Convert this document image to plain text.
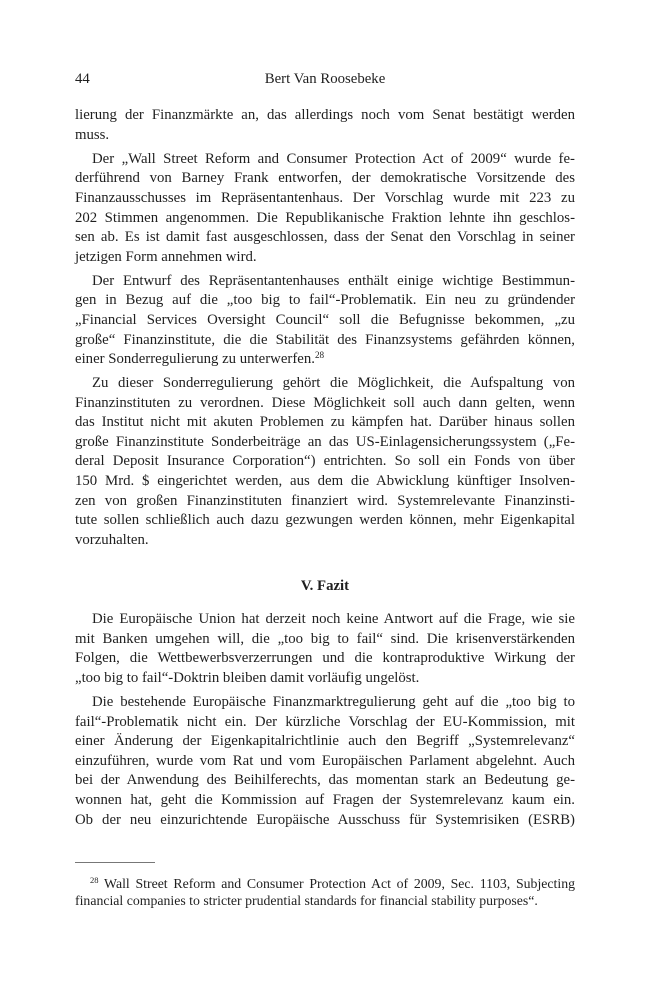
44	Bert Van Roosebeke
lierung der Finanzmärkte an, das allerdings noch vom Senat bestätigt werden
muss.
Der „Wall Street Reform and Consumer Protection Act of 2009“ wurde fe-
derführend von Barney Frank entworfen, der demokratische Vorsitzende des
Finanzausschusses im Repräsentantenhaus. Der Vorschlag wurde mit 223 zu
202 Stimmen angenommen. Die Republikanische Fraktion lehnte ihn geschlos-
sen ab. Es ist damit fast ausgeschlossen, dass der Senat den Vorschlag in seiner
jetzigen Form annehmen wird.
Der Entwurf des Repräsentantenhauses enthält einige wichtige Bestimmun-
gen in Bezug auf die „too big to fail“-Problematik. Ein neu zu gründender
„Financial Services Oversight Council“ soll die Befugnisse bekommen, „zu
große“ Finanzinstitute, die die Stabilität des Finanzsystems gefährden können,
einer Sonderregulierung zu unterwerfen.$^{28}$
Zu dieser Sonderregulierung gehört die Möglichkeit, die Aufspaltung von
Finanzinstituten zu verordnen. Diese Möglichkeit soll auch dann gelten, wenn
das Institut nicht mit akuten Problemen zu kämpfen hat. Darüber hinaus sollen
große Finanzinstitute Sonderbeiträge an das US-Einlagensicherungssystem („Fe-
deral Deposit Insurance Corporation“) entrichten. So soll ein Fonds von über
150 Mrd. $ eingerichtet werden, aus dem die Abwicklung künftiger Insolven-
zen von großen Finanzinstituten finanziert wird. Systemrelevante Finanzinsti-
tute sollen schließlich auch dazu gezwungen werden können, mehr Eigenkapital
vorzuhalten.
V. Fazit
Die Europäische Union hat derzeit noch keine Antwort auf die Frage, wie sie
mit Banken umgehen will, die „too big to fail“ sind. Die krisenverstärkenden
Folgen, die Wettbewerbsverzerrungen und die kontraproduktive Wirkung der
„too big to fail“-Doktrin bleiben damit vorläufig ungelöst.
Die bestehende Europäische Finanzmarktregulierung geht auf die „too big to
fail“-Problematik nicht ein. Der kürzliche Vorschlag der EU-Kommission, mit
einer Änderung der Eigenkapitalrichtlinie auch den Begriff „Systemrelevanz“
einzuführen, wurde vom Rat und vom Europäischen Parlament abgelehnt. Auch
bei der Anwendung des Beihilferechts, das momentan stark an Bedeutung ge-
wonnen hat, geht die Kommission auf Fragen der Systemrelevanz kaum ein.
Ob der neu einzurichtende Europäische Ausschuss für Systemrisiken (ESRB)
$^{28}$ Wall Street Reform and Consumer Protection Act of 2009, Sec. 1103, Subjecting
financial companies to stricter prudential standards for financial stability purposes“.
